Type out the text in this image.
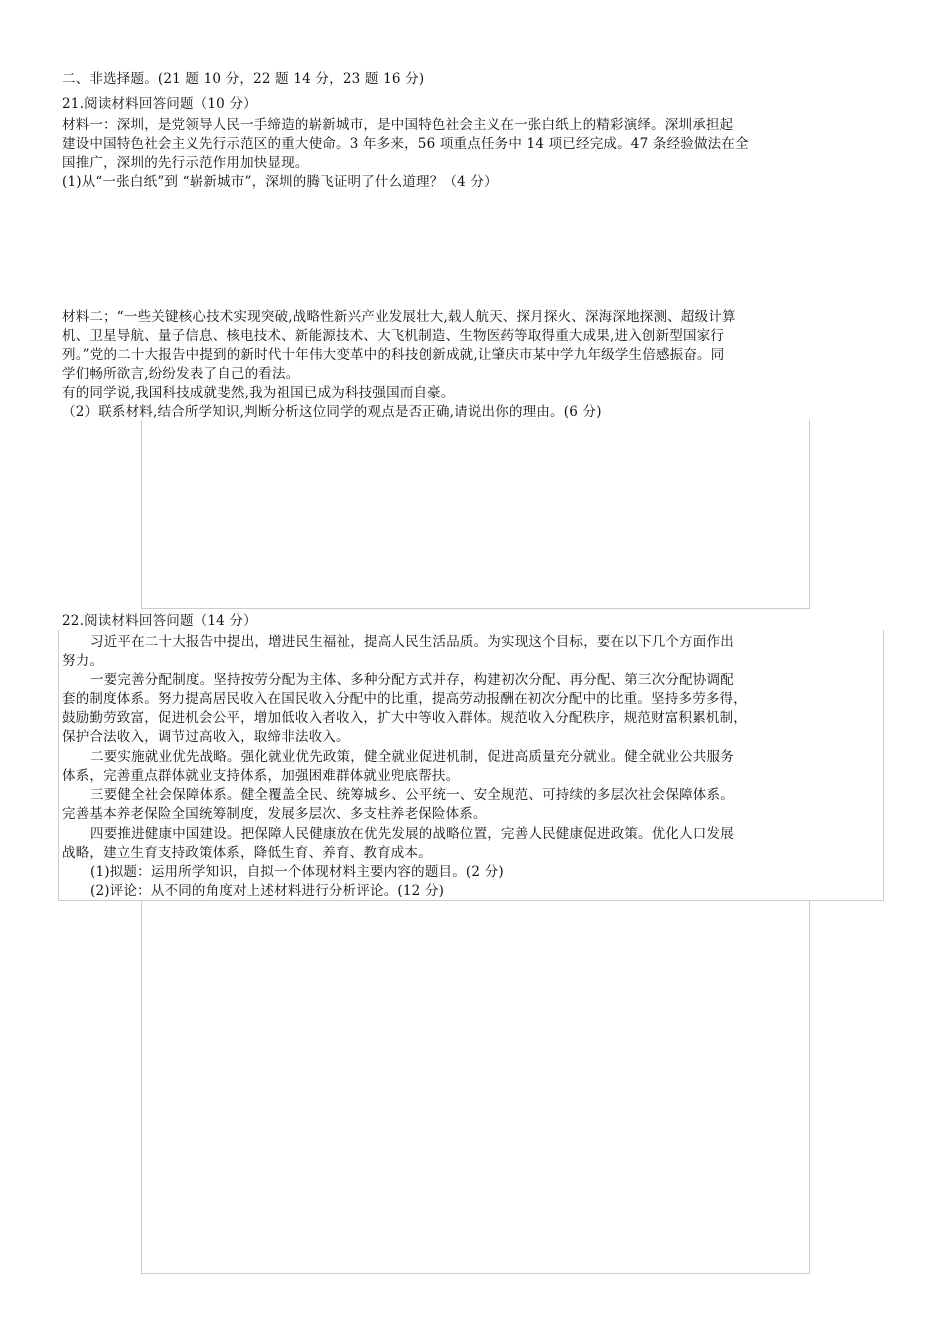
二、非选择题。(21 题 10 分，22 题 14 分，23 题 16 分)
21.阅读材料回答问题（10 分）
材料一：深圳，是党领导人民一手缔造的崭新城市，是中国特色社会主义在一张白纸上的精彩演绎。深圳承担起
建设中国特色社会主义先行示范区的重大使命。3 年多来，56 项重点任务中 14 项已经完成。47 条经验做法在全
国推广，深圳的先行示范作用加快显现。
(1)从“一张白纸”到 “崭新城市”，深圳的腾飞证明了什么道理？（4 分）
材料二；“一些关键核心技术实现突破,战略性新兴产业发展壮大,载人航天、探月探火、深海深地探测、超级计算
机、卫星导航、量子信息、核电技术、新能源技术、大飞机制造、生物医药等取得重大成果,进入创新型国家行
列。”党的二十大报告中提到的新时代十年伟大变革中的科技创新成就,让肇庆市某中学九年级学生倍感振奋。同
学们畅所欲言,纷纷发表了自己的看法。
有的同学说,我国科技成就斐然,我为祖国已成为科技强国而自豪。
（2）联系材料,结合所学知识,判断分析这位同学的观点是否正确,请说出你的理由。(6 分)
22.阅读材料回答问题（14 分）
习近平在二十大报告中提出，增进民生福祉，提高人民生活品质。为实现这个目标，要在以下几个方面作出
努力。
一要完善分配制度。坚持按劳分配为主体、多种分配方式并存，构建初次分配、再分配、第三次分配协调配
套的制度体系。努力提高居民收入在国民收入分配中的比重，提高劳动报酬在初次分配中的比重。坚持多劳多得，
鼓励勤劳致富，促进机会公平，增加低收入者收入，扩大中等收入群体。规范收入分配秩序，规范财富积累机制，
保护合法收入，调节过高收入，取缔非法收入。
二要实施就业优先战略。强化就业优先政策，健全就业促进机制，促进高质量充分就业。健全就业公共服务
体系，完善重点群体就业支持体系，加强困难群体就业兜底帮扶。
三要健全社会保障体系。健全覆盖全民、统筹城乡、公平统一、安全规范、可持续的多层次社会保障体系。
完善基本养老保险全国统筹制度，发展多层次、多支柱养老保险体系。
四要推进健康中国建设。把保障人民健康放在优先发展的战略位置，完善人民健康促进政策。优化人口发展
战略，建立生育支持政策体系，降低生育、养育、教育成本。
(1)拟题：运用所学知识，自拟一个体现材料主要内容的题目。(2 分)
(2)评论：从不同的角度对上述材料进行分析评论。(12 分)
